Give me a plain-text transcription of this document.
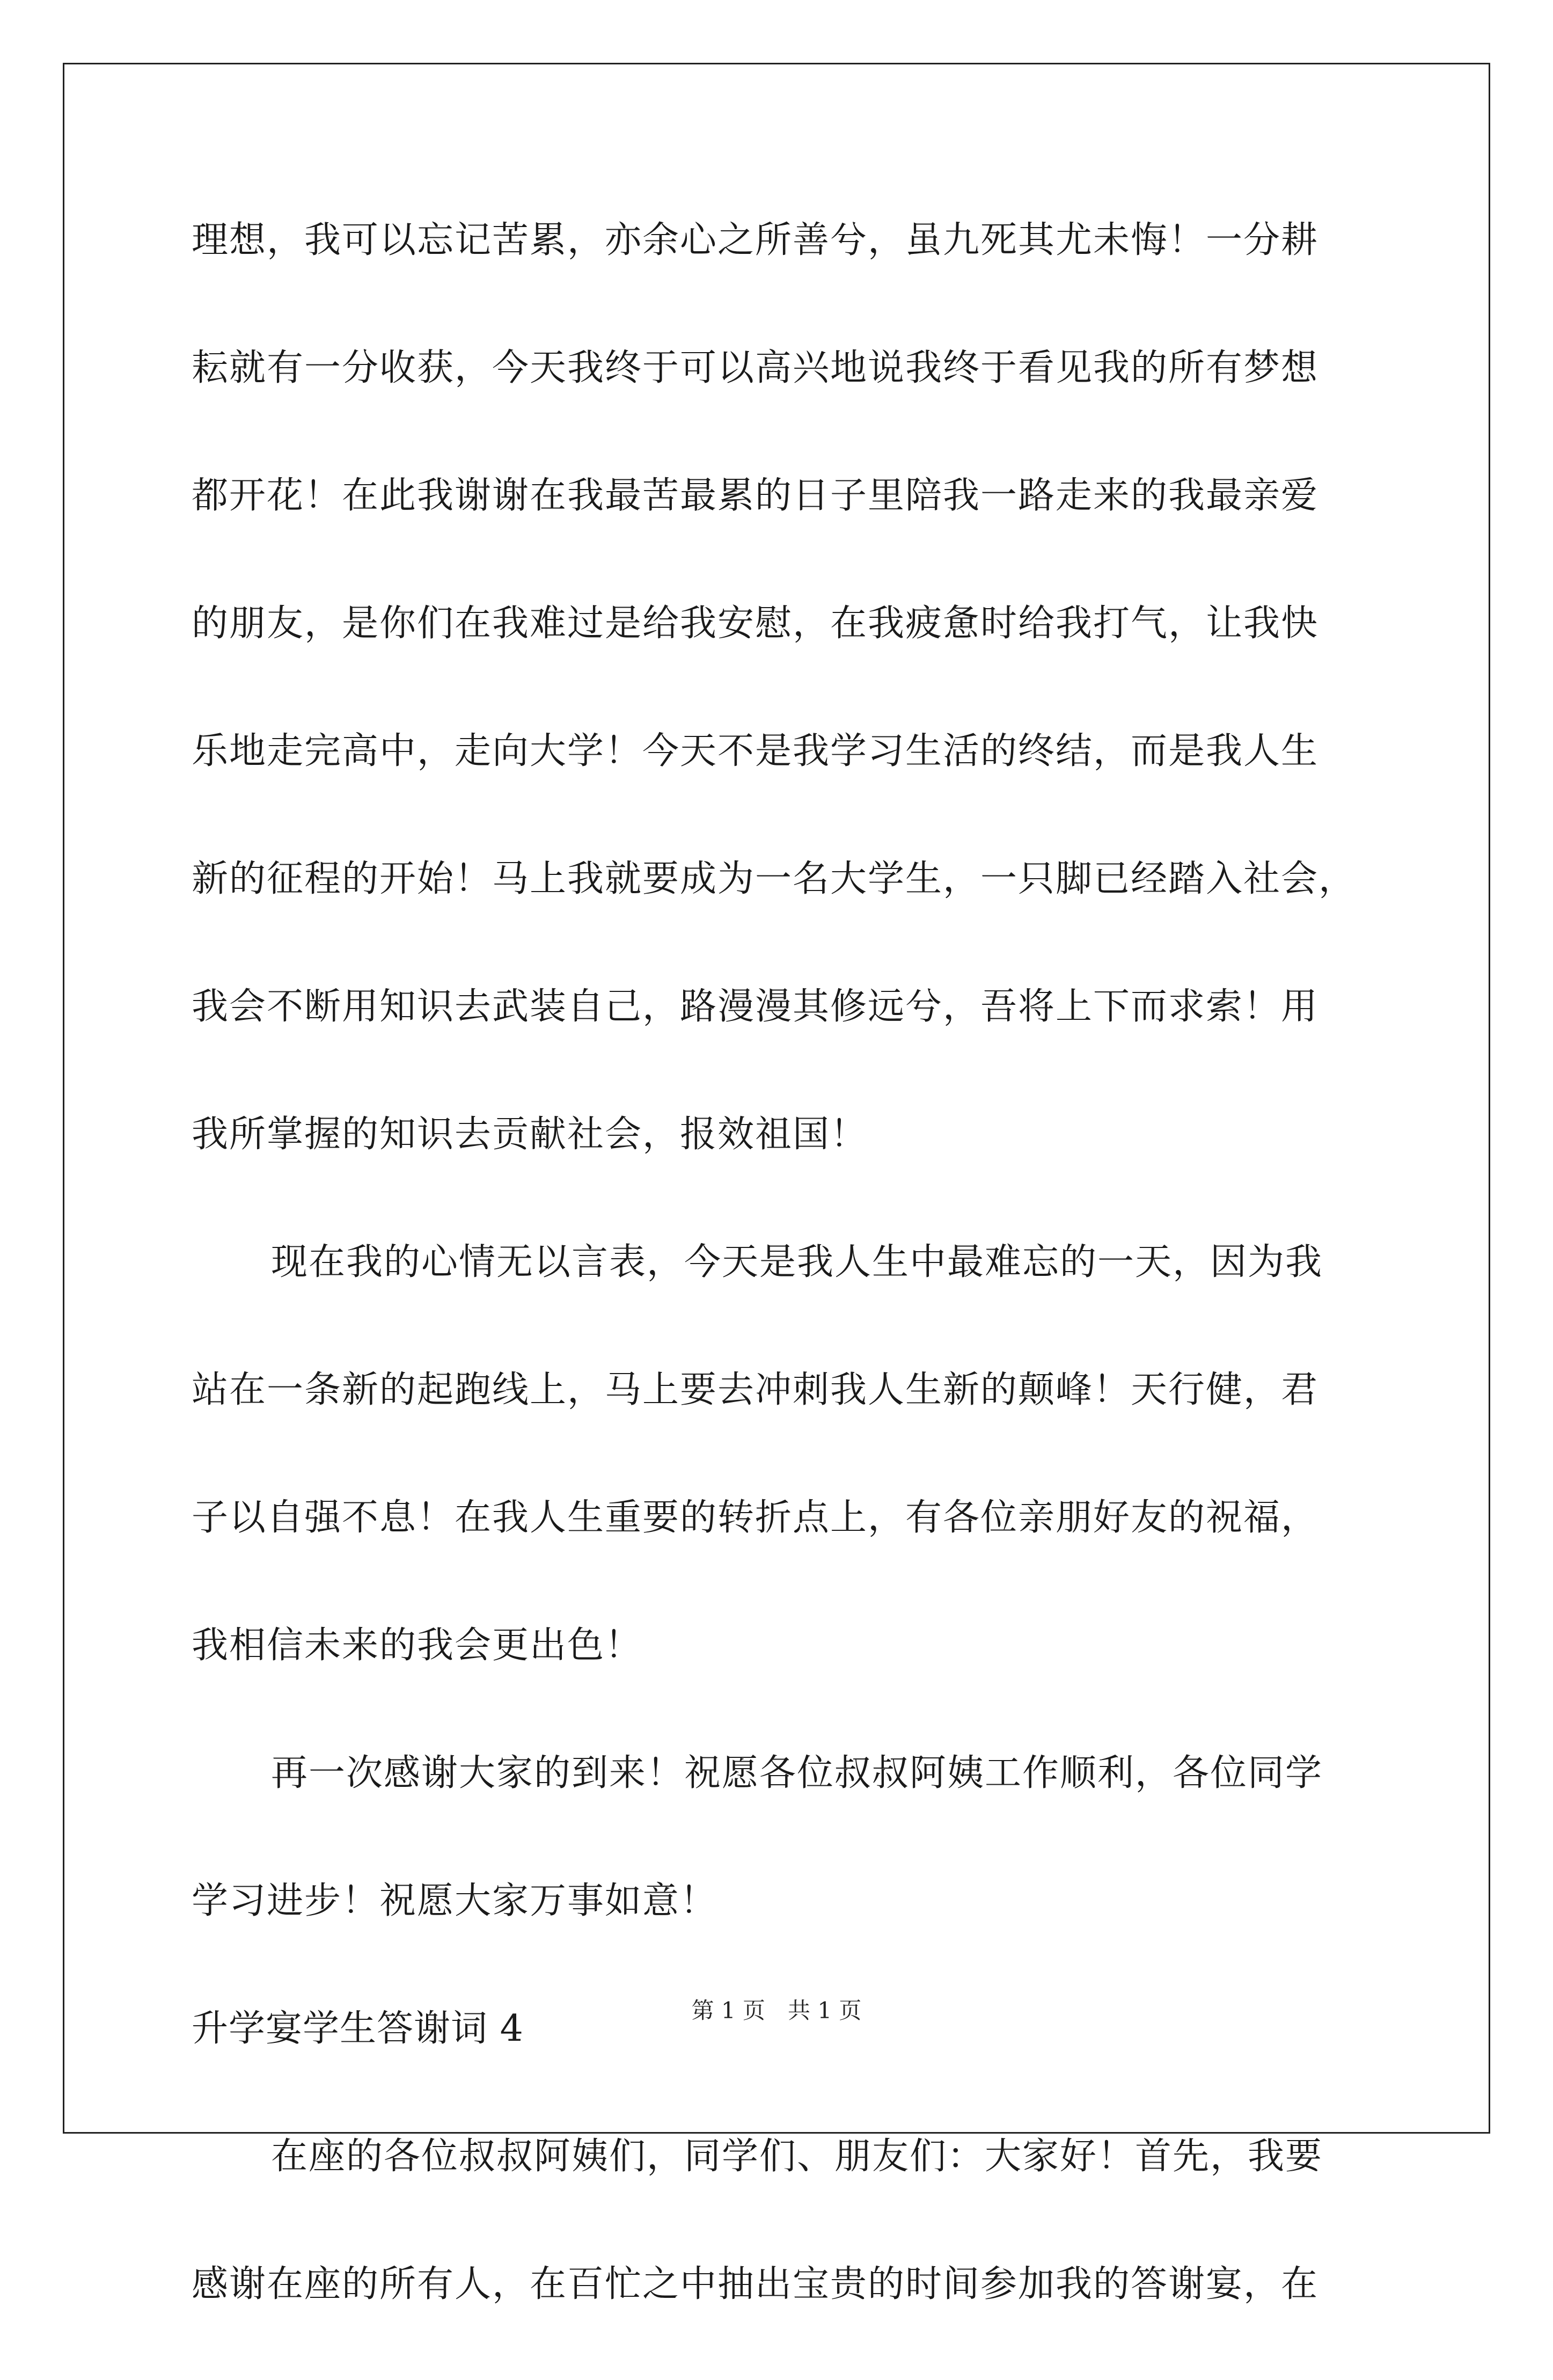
理想，我可以忘记苦累，亦余心之所善兮，虽九死其尤未悔！一分耕
耘就有一分收获，今天我终于可以高兴地说我终于看见我的所有梦想
都开花！在此我谢谢在我最苦最累的日子里陪我一路走来的我最亲爱
的朋友，是你们在我难过是给我安慰，在我疲惫时给我打气，让我快
乐地走完高中，走向大学！今天不是我学习生活的终结，而是我人生
新的征程的开始！马上我就要成为一名大学生，一只脚已经踏入社会，
我会不断用知识去武装自己，路漫漫其修远兮，吾将上下而求索！用
我所掌握的知识去贡献社会，报效祖国！
现在我的心情无以言表，今天是我人生中最难忘的一天，因为我
站在一条新的起跑线上，马上要去冲刺我人生新的颠峰！天行健，君
子以自强不息！在我人生重要的转折点上，有各位亲朋好友的祝福，
我相信未来的我会更出色！
再一次感谢大家的到来！祝愿各位叔叔阿姨工作顺利，各位同学
学习进步！祝愿大家万事如意！
升学宴学生答谢词 4
在座的各位叔叔阿姨们，同学们、朋友们：大家好！首先，我要
感谢在座的所有人，在百忙之中抽出宝贵的时间参加我的答谢宴，在
第 1 页　共 1 页
